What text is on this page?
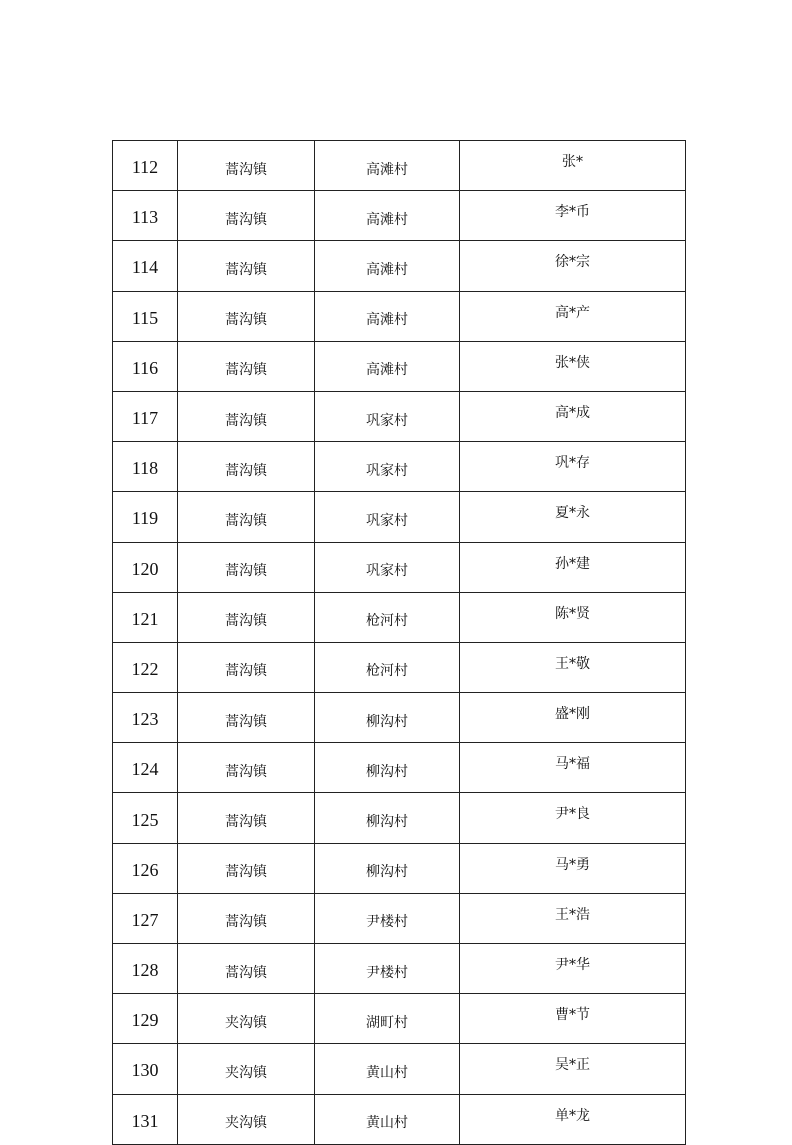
112	蒿沟镇	高滩村	张*
113	蒿沟镇	高滩村	李*币
114	蒿沟镇	高滩村	徐*宗
115	蒿沟镇	高滩村	高*产
116	蒿沟镇	高滩村	张*侠
117	蒿沟镇	巩家村	高*成
118	蒿沟镇	巩家村	巩*存
119	蒿沟镇	巩家村	夏*永
120	蒿沟镇	巩家村	孙*建
121	蒿沟镇	枪河村	陈*贤
122	蒿沟镇	枪河村	王*敬
123	蒿沟镇	柳沟村	盛*刚
124	蒿沟镇	柳沟村	马*福
125	蒿沟镇	柳沟村	尹*良
126	蒿沟镇	柳沟村	马*勇
127	蒿沟镇	尹楼村	王*浩
128	蒿沟镇	尹楼村	尹*华
129	夹沟镇	湖町村	曹*节
130	夹沟镇	黄山村	吴*正
131	夹沟镇	黄山村	单*龙
